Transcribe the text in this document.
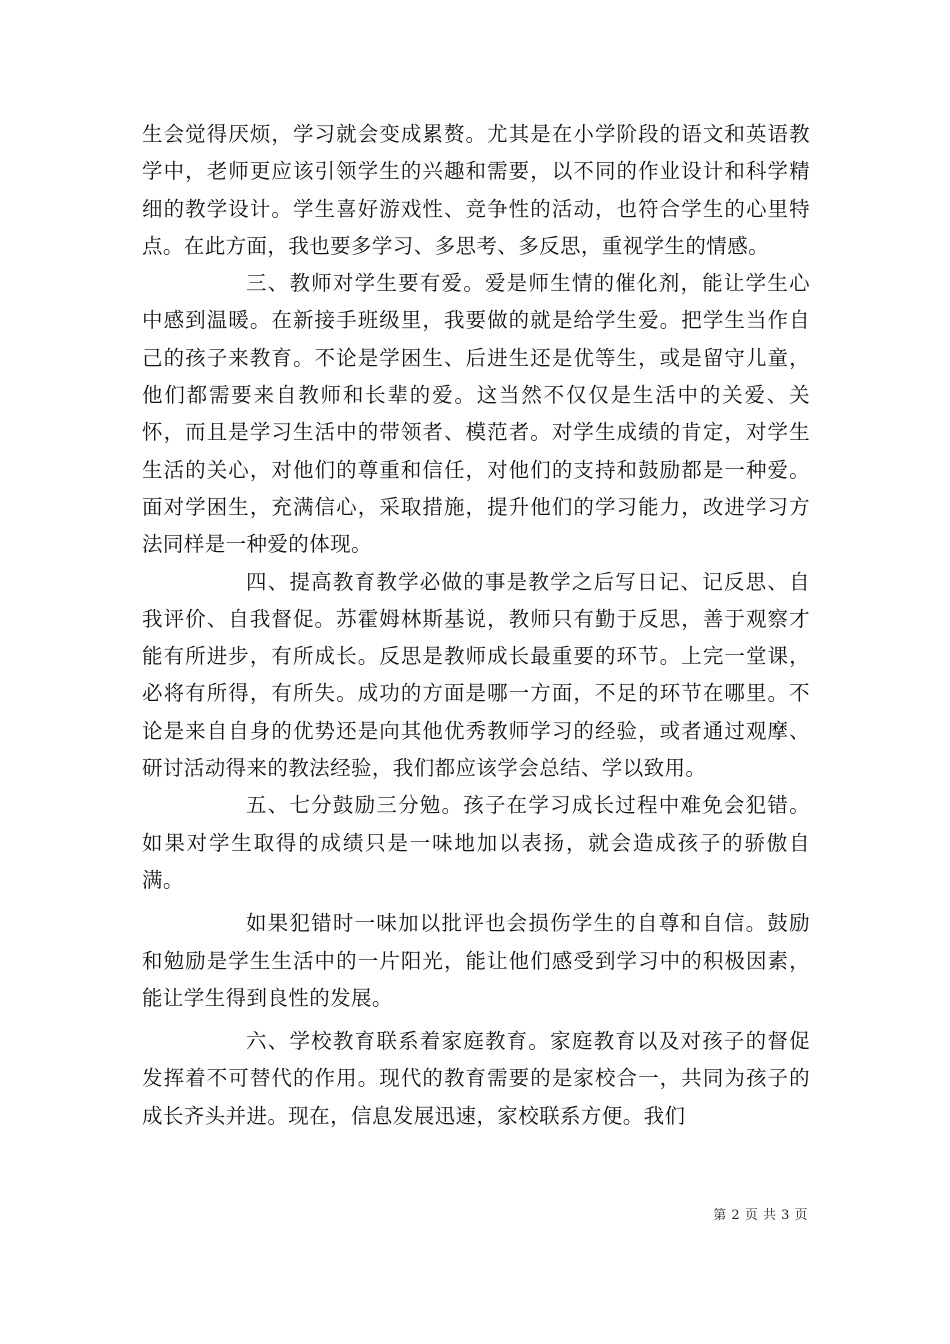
生会觉得厌烦，学习就会变成累赘。尤其是在小学阶段的语文和英语教学中，老师更应该引领学生的兴趣和需要，以不同的作业设计和科学精细的教学设计。学生喜好游戏性、竞争性的活动，也符合学生的心里特点。在此方面，我也要多学习、多思考、多反思，重视学生的情感。

三、教师对学生要有爱。爱是师生情的催化剂，能让学生心中感到温暖。在新接手班级里，我要做的就是给学生爱。把学生当作自己的孩子来教育。不论是学困生、后进生还是优等生，或是留守儿童，他们都需要来自教师和长辈的爱。这当然不仅仅是生活中的关爱、关怀，而且是学习生活中的带领者、模范者。对学生成绩的肯定，对学生生活的关心，对他们的尊重和信任，对他们的支持和鼓励都是一种爱。面对学困生，充满信心，采取措施，提升他们的学习能力，改进学习方法同样是一种爱的体现。

四、提高教育教学必做的事是教学之后写日记、记反思、自我评价、自我督促。苏霍姆林斯基说，教师只有勤于反思，善于观察才能有所进步，有所成长。反思是教师成长最重要的环节。上完一堂课，必将有所得，有所失。成功的方面是哪一方面，不足的环节在哪里。不论是来自自身的优势还是向其他优秀教师学习的经验，或者通过观摩、研讨活动得来的教法经验，我们都应该学会总结、学以致用。

五、七分鼓励三分勉。孩子在学习成长过程中难免会犯错。如果对学生取得的成绩只是一味地加以表扬，就会造成孩子的骄傲自满。

如果犯错时一味加以批评也会损伤学生的自尊和自信。鼓励和勉励是学生生活中的一片阳光，能让他们感受到学习中的积极因素，能让学生得到良性的发展。

六、学校教育联系着家庭教育。家庭教育以及对孩子的督促发挥着不可替代的作用。现代的教育需要的是家校合一，共同为孩子的成长齐头并进。现在，信息发展迅速，家校联系方便。我们

第 2 页 共 3 页
